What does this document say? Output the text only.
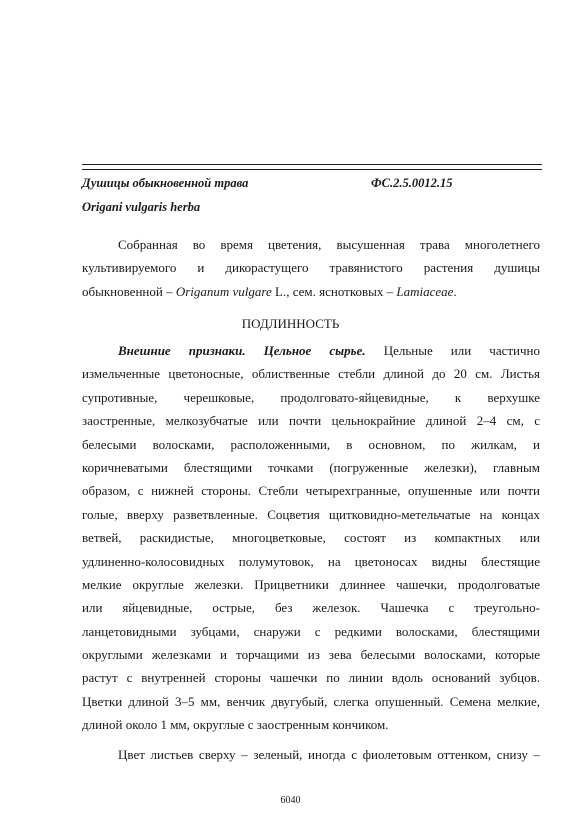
Душицы обыкновенной трава	ФС.2.5.0012.15
Origani vulgaris herba
Собранная во время цветения, высушенная трава многолетнего
культивируемого и дикорастущего травянистого растения душицы
обыкновенной – Origanum vulgare L., сем. яснотковых – Lamiaceae.
ПОДЛИННОСТЬ
Внешние признаки. Цельное сырье. Цельные или частично
измельченные цветоносные, облиственные стебли длиной до 20 см. Листья
супротивные, черешковые, продолговато-яйцевидные, к верхушке
заостренные, мелкозубчатые или почти цельнокрайние длиной 2–4 см, с
белесыми волосками, расположенными, в основном, по жилкам, и
коричневатыми блестящими точками (погруженные железки), главным
образом, с нижней стороны. Стебли четырехгранные, опушенные или почти
голые, вверху разветвленные. Соцветия щитковидно-метельчатые на концах
ветвей, раскидистые, многоцветковые, состоят из компактных или
удлиненно-колосовидных полумутовок, на цветоносах видны блестящие
мелкие округлые железки. Прицветники длиннее чашечки, продолговатые
или яйцевидные, острые, без железок. Чашечка с треугольно-
ланцетовидными зубцами, снаружи с редкими волосками, блестящими
округлыми железками и торчащими из зева белесыми волосками, которые
растут с внутренней стороны чашечки по линии вдоль оснований зубцов.
Цветки длиной 3–5 мм, венчик двугубый, слегка опушенный. Семена мелкие,
длиной около 1 мм, округлые с заостренным кончиком.
Цвет листьев сверху – зеленый, иногда с фиолетовым оттенком, снизу –
6040
